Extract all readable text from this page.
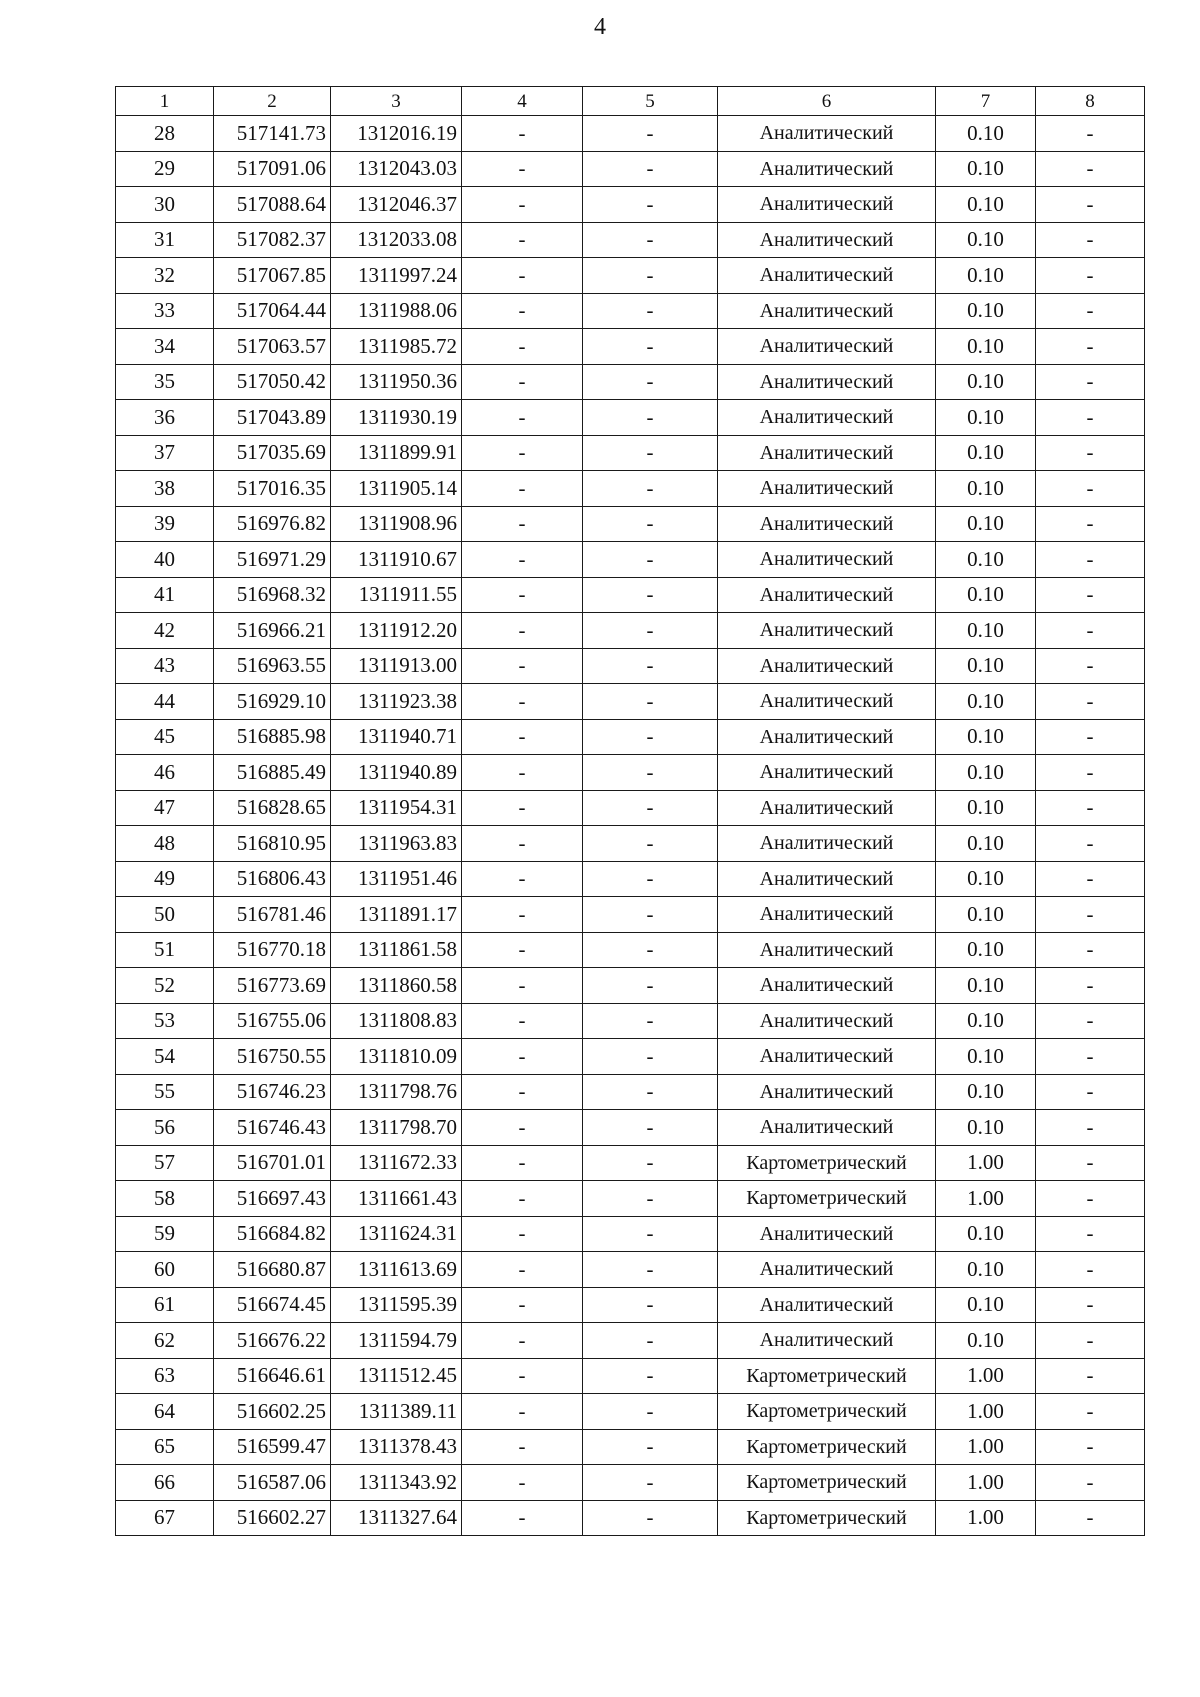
4
1	2	3	4	5	6	7	8
28	517141.73	1312016.19	-	-	Аналитический	0.10	-
29	517091.06	1312043.03	-	-	Аналитический	0.10	-
30	517088.64	1312046.37	-	-	Аналитический	0.10	-
31	517082.37	1312033.08	-	-	Аналитический	0.10	-
32	517067.85	1311997.24	-	-	Аналитический	0.10	-
33	517064.44	1311988.06	-	-	Аналитический	0.10	-
34	517063.57	1311985.72	-	-	Аналитический	0.10	-
35	517050.42	1311950.36	-	-	Аналитический	0.10	-
36	517043.89	1311930.19	-	-	Аналитический	0.10	-
37	517035.69	1311899.91	-	-	Аналитический	0.10	-
38	517016.35	1311905.14	-	-	Аналитический	0.10	-
39	516976.82	1311908.96	-	-	Аналитический	0.10	-
40	516971.29	1311910.67	-	-	Аналитический	0.10	-
41	516968.32	1311911.55	-	-	Аналитический	0.10	-
42	516966.21	1311912.20	-	-	Аналитический	0.10	-
43	516963.55	1311913.00	-	-	Аналитический	0.10	-
44	516929.10	1311923.38	-	-	Аналитический	0.10	-
45	516885.98	1311940.71	-	-	Аналитический	0.10	-
46	516885.49	1311940.89	-	-	Аналитический	0.10	-
47	516828.65	1311954.31	-	-	Аналитический	0.10	-
48	516810.95	1311963.83	-	-	Аналитический	0.10	-
49	516806.43	1311951.46	-	-	Аналитический	0.10	-
50	516781.46	1311891.17	-	-	Аналитический	0.10	-
51	516770.18	1311861.58	-	-	Аналитический	0.10	-
52	516773.69	1311860.58	-	-	Аналитический	0.10	-
53	516755.06	1311808.83	-	-	Аналитический	0.10	-
54	516750.55	1311810.09	-	-	Аналитический	0.10	-
55	516746.23	1311798.76	-	-	Аналитический	0.10	-
56	516746.43	1311798.70	-	-	Аналитический	0.10	-
57	516701.01	1311672.33	-	-	Картометрический	1.00	-
58	516697.43	1311661.43	-	-	Картометрический	1.00	-
59	516684.82	1311624.31	-	-	Аналитический	0.10	-
60	516680.87	1311613.69	-	-	Аналитический	0.10	-
61	516674.45	1311595.39	-	-	Аналитический	0.10	-
62	516676.22	1311594.79	-	-	Аналитический	0.10	-
63	516646.61	1311512.45	-	-	Картометрический	1.00	-
64	516602.25	1311389.11	-	-	Картометрический	1.00	-
65	516599.47	1311378.43	-	-	Картометрический	1.00	-
66	516587.06	1311343.92	-	-	Картометрический	1.00	-
67	516602.27	1311327.64	-	-	Картометрический	1.00	-
